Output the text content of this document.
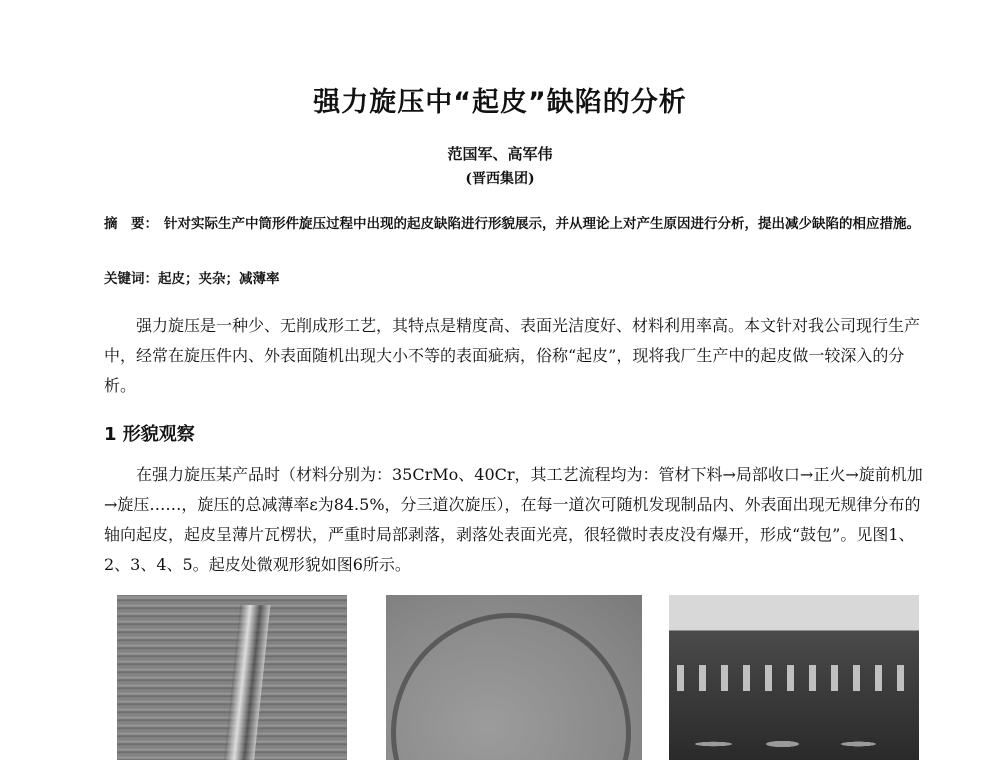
强力旋压中“起皮”缺陷的分析
范国军、高军伟
(晋西集团)
摘　要： 针对实际生产中筒形件旋压过程中出现的起皮缺陷进行形貌展示，并从理论上对产生原因进行分析，提出减少缺陷的相应措施。
关键词：起皮；夹杂；减薄率
强力旋压是一种少、无削成形工艺，其特点是精度高、表面光洁度好、材料利用率高。本文针对我公司现行生产中，经常在旋压件内、外表面随机出现大小不等的表面疵病，俗称“起皮”，现将我厂生产中的起皮做一较深入的分析。
1 形貌观察
在强力旋压某产品时（材料分别为：35CrMo、40Cr，其工艺流程均为：管材下料→局部收口→正火→旋前机加→旋压……，旋压的总减薄率ε为84.5%，分三道次旋压），在每一道次可随机发现制品内、外表面出现无规律分布的轴向起皮，起皮呈薄片瓦楞状，严重时局部剥落，剥落处表面光亮，很轻微时表皮没有爆开，形成“鼓包”。见图1、2、3、4、5。起皮处微观形貌如图6所示。
